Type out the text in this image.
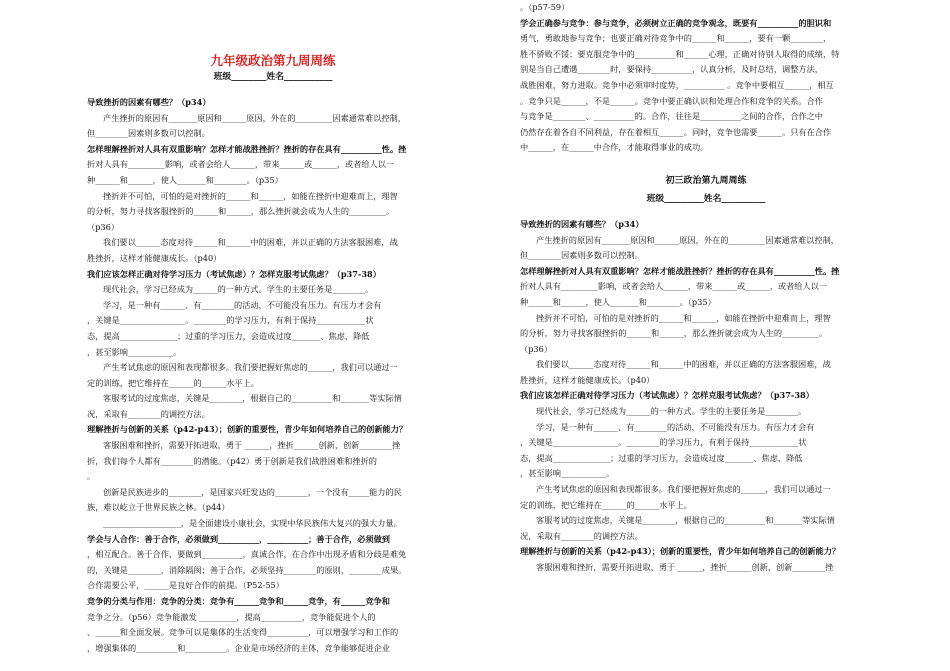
九年级政治第九周周练
班级________姓名___________

导致挫折的因素有哪些？（p34）

产生挫折的原因有_______原因和______原因，外在的_________因素通常难以控制，

但________因素则多数可以控制。

怎样理解挫折对人具有双重影响？怎样才能战胜挫折？挫折的存在具有__________性。挫

折对人具有_________影响，或者会给人______，带来______或______，或者给人以一

种______和______，使人_______和________。（p35）

挫折并不可怕，可怕的是对挫折的______和______，如能在挫折中迎难而上，理智

的分析，努力寻找客服挫折的______和______，那么挫折就会成为人生的_________。

（p36）

我们要以______态度对待______和______中的困难，并以正确的方法客服困难，战

胜挫折，这样才能健康成长。（p40）

我们应该怎样正确对待学习压力（考试焦虑）？怎样克服考试焦虑？（p37-38）

现代社会，学习已经成为______的一种方式。学生的主要任务是________。

学习，是一种有______、有________的活动，不可能没有压力。有压力才会有

，关键是________________。________的学习压力，有利于保持____________状

态，提高______________；过重的学习压力，会造成过度_______、焦虑，降低

，甚至影响___________。

产生考试焦虑的原因和表现都很多。我们要把握好焦虑的______，我们可以通过一

定的训练，把它维持在______的______水平上。

客服考试的过度焦虑，关键是________，根据自己的__________和_______等实际情

况，采取有________的调控方法。

理解挫折与创新的关系（p42-p43）；创新的重要性，青少年如何培养自己的创新能力？

客服困难和挫折，需要开拓进取，勇于 ______，挫折______创新，创新________挫

折，我们每个人都有________的潜能。（p42）勇于创新是我们战胜困难和挫折的

。

创新是民族进步的________，是国家兴旺发达的________，一个没有_____能力的民

族，难以屹立于世界民族之林。（p44）

___________________，是全面建设小康社会，实现中华民族伟大复兴的强大力量。

学会与人合作：善于合作，必须做到__________，__________；善于合作，必须做到

，相互配合。善于合作，要做到__________，真诚合作，在合作中出现矛盾和分歧是难免

的，关键是________，消除隔阂；善于合作，必须坚持________的原则，________成果。

合作需要公平，______是良好合作的前提。（P52-55）

竞争的分类与作用：竞争的分类：竞争有______竞争和______竞争，有______竞争和

竞争之分。（p56）竞争能激发 _________，提高__________，竞争能促进个人的

、______和全面发展。竞争可以是集体的生活变得__________，可以增强学习和工作的

，增强集体的__________和__________。企业是市场经济的主体，竞争能够促进企业

。（p57-59）

学会正确参与竞争：参与竞争，必须树立正确的竞争观念，既要有__________的胆识和

勇气，勇敢地参与竞争；也要正确对待竞争中的______和______，要有一颗________，

胜不骄败不馁；要克服竞争中的__________和______心理，正确对待别人取得的成绩，特

别是当自己遭遇________时，要保持__________，认真分析，及时总结，调整方法，

战胜困难，努力进取。竞争中必须审时度势，__________ 。竞争中要相互______，相互

。竞争只是______，不是______。竞争中要正确认识和处理合作和竞争的关系。合作

与竞争是________、__________的。合作，往往是__________之间的合作，合作之中

仍然存在着各自不同利益，存在着相互______。同时，竞争也需要______。只有在合作

中______，在______中合作，才能取得事业的成功。

初三政治第九周周练
班级_________姓名__________

导致挫折的因素有哪些？（p34）

产生挫折的原因有_______原因和______原因，外在的_________因素通常难以控制，

但________因素则多数可以控制。

怎样理解挫折对人具有双重影响？怎样才能战胜挫折？挫折的存在具有__________性。挫

折对人具有_________影响，或者会给人______，带来______或______，或者给人以一

种______和______，使人_______和________。（p35）

挫折并不可怕，可怕的是对挫折的______和______，如能在挫折中迎难而上，理智

的分析，努力寻找客服挫折的______和______，那么挫折就会成为人生的_________。

（p36）

我们要以______态度对待______和______中的困难，并以正确的方法客服困难，战

胜挫折，这样才能健康成长。（p40）

我们应该怎样正确对待学习压力（考试焦虑）？怎样克服考试焦虑？（p37-38）

现代社会，学习已经成为______的一种方式。学生的主要任务是________。

学习，是一种有______、有________的活动，不可能没有压力。有压力才会有

，关键是________________。________的学习压力，有利于保持____________状

态，提高______________；过重的学习压力，会造成过度_______、焦虑，降低

，甚至影响___________。

产生考试焦虑的原因和表现都很多。我们要把握好焦虑的______，我们可以通过一

定的训练，把它维持在______的______水平上。

客服考试的过度焦虑，关键是________，根据自己的__________和_______等实际情

况，采取有________的调控方法。

理解挫折与创新的关系（p42-p43）；创新的重要性，青少年如何培养自己的创新能力？

客服困难和挫折，需要开拓进取，勇于 ______，挫折______创新，创新________挫
